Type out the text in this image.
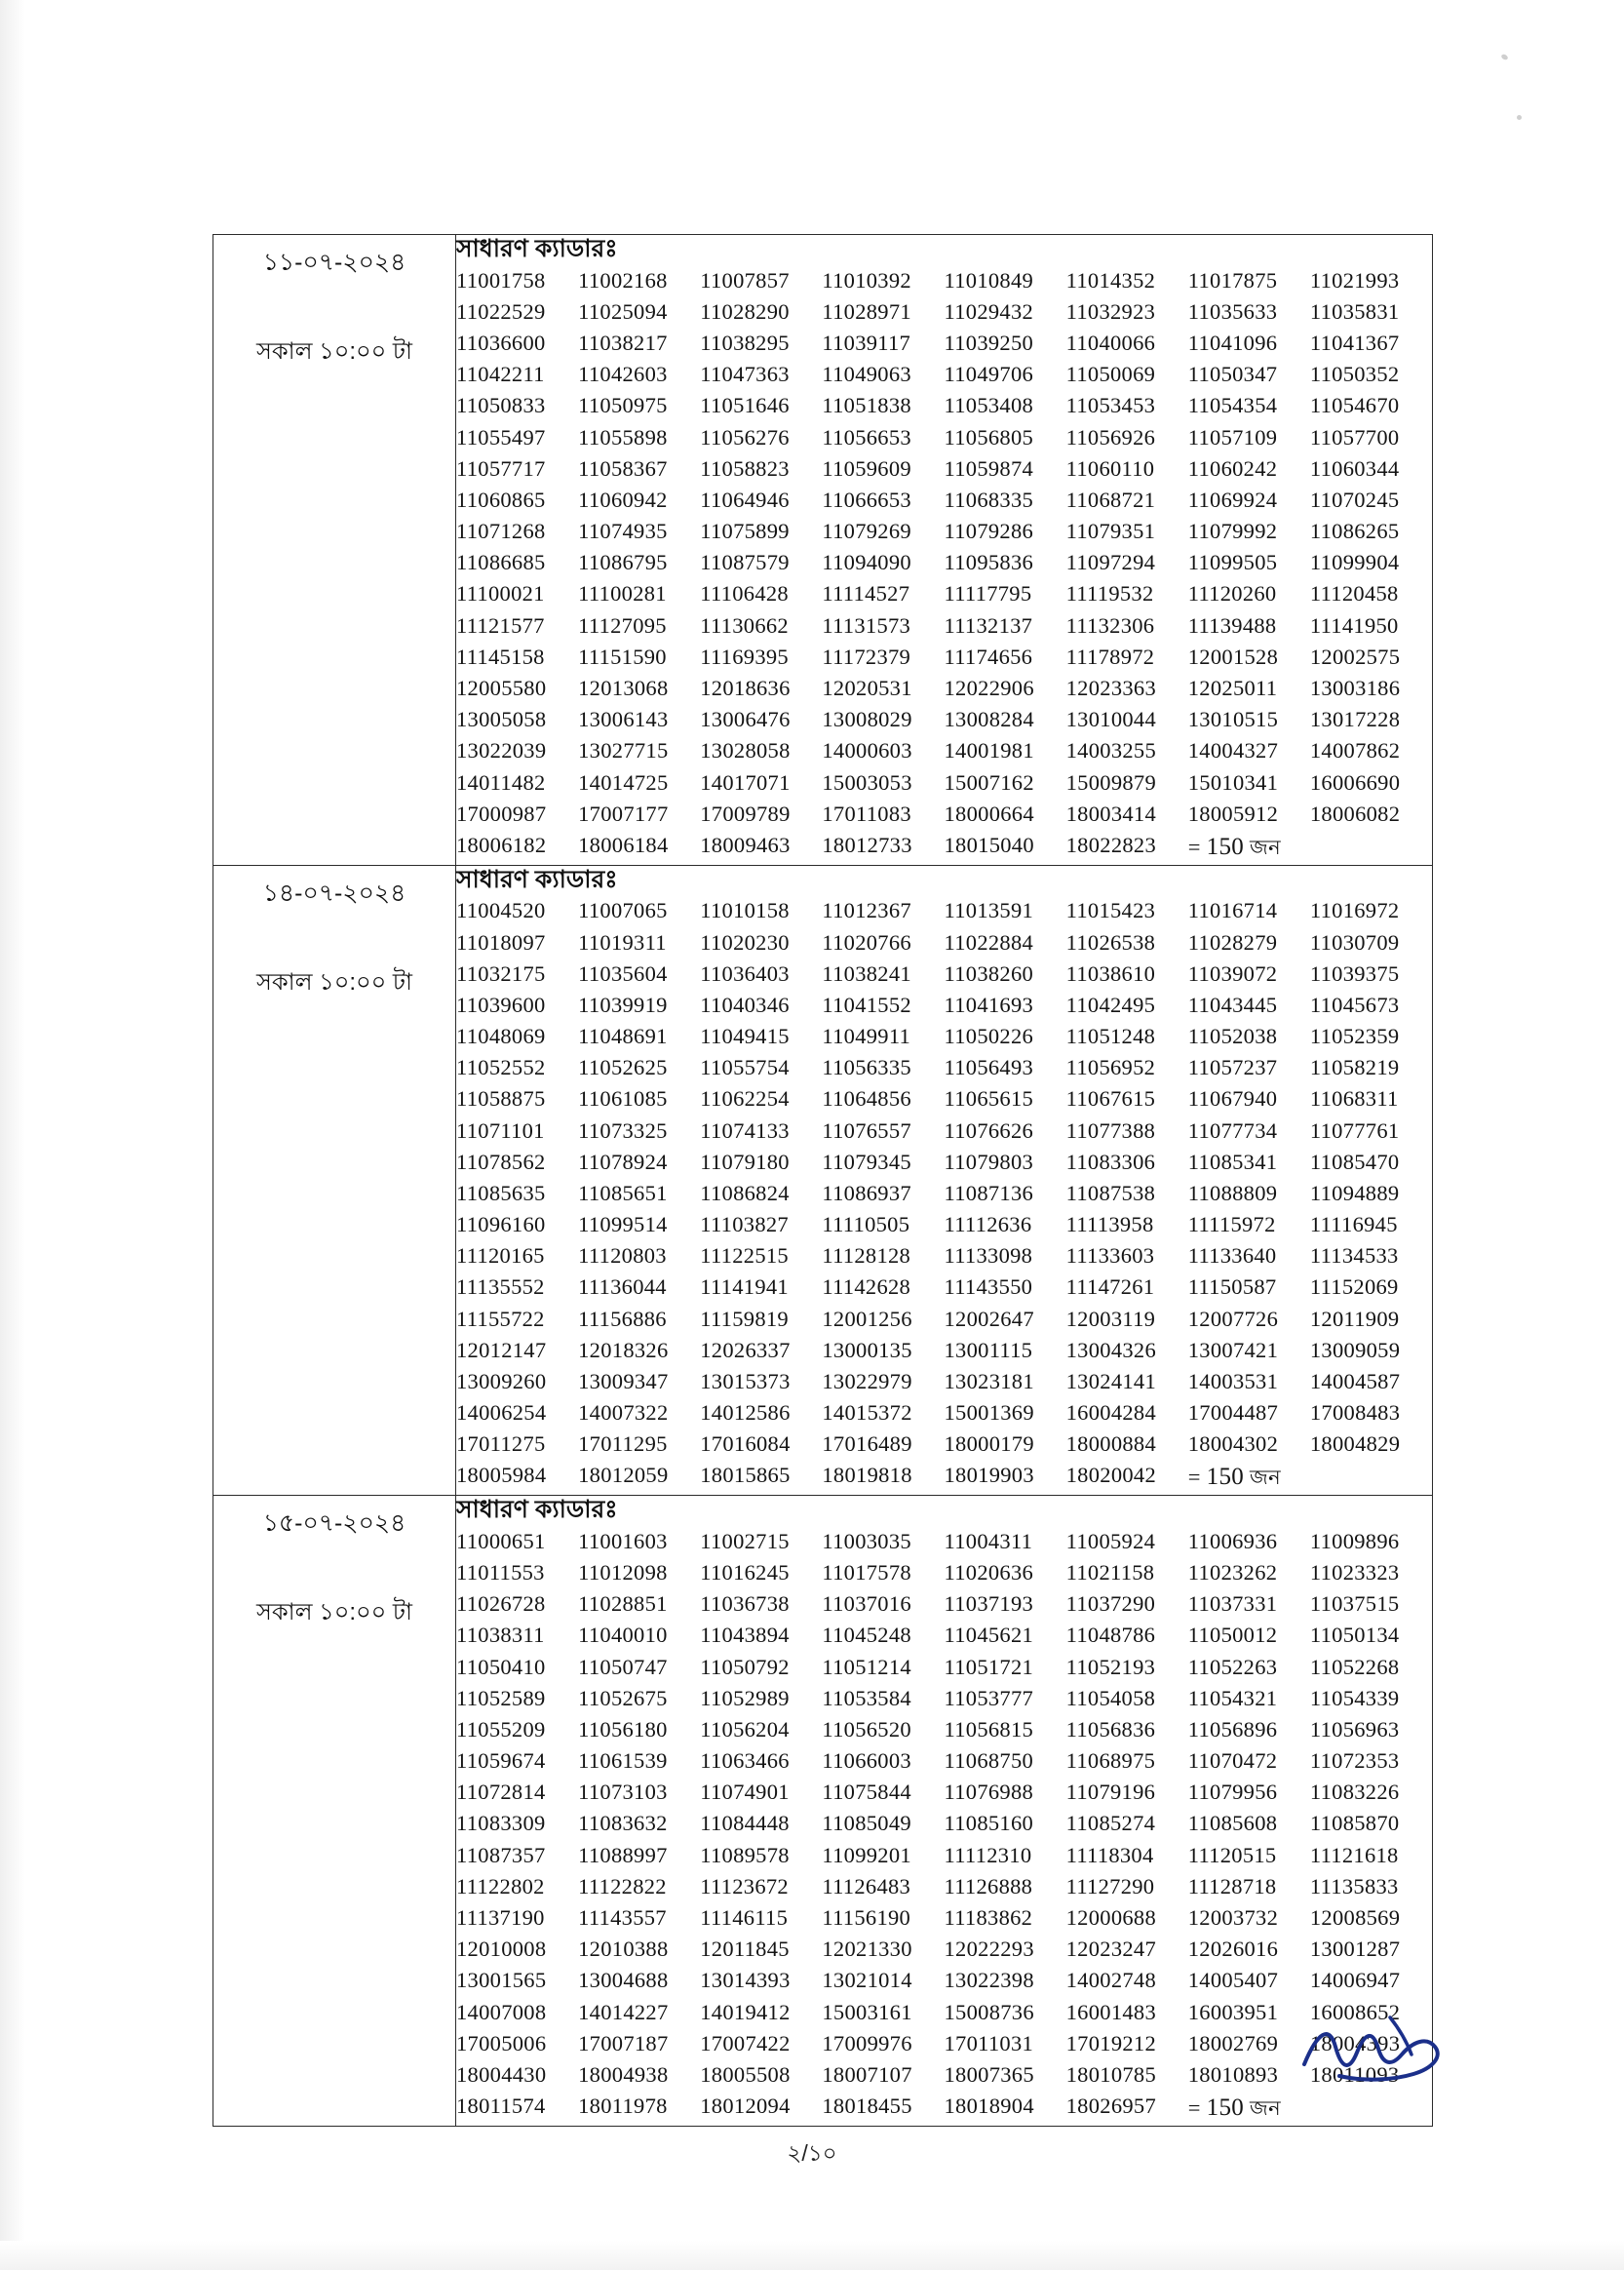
১১-০৭-২০২৪
সকাল ১০:০০ টা

সাধারণ ক্যাডারঃ
11001758	11002168	11007857	11010392	11010849	11014352	11017875	11021993
11022529	11025094	11028290	11028971	11029432	11032923	11035633	11035831
11036600	11038217	11038295	11039117	11039250	11040066	11041096	11041367
11042211	11042603	11047363	11049063	11049706	11050069	11050347	11050352
11050833	11050975	11051646	11051838	11053408	11053453	11054354	11054670
11055497	11055898	11056276	11056653	11056805	11056926	11057109	11057700
11057717	11058367	11058823	11059609	11059874	11060110	11060242	11060344
11060865	11060942	11064946	11066653	11068335	11068721	11069924	11070245
11071268	11074935	11075899	11079269	11079286	11079351	11079992	11086265
11086685	11086795	11087579	11094090	11095836	11097294	11099505	11099904
11100021	11100281	11106428	11114527	11117795	11119532	11120260	11120458
11121577	11127095	11130662	11131573	11132137	11132306	11139488	11141950
11145158	11151590	11169395	11172379	11174656	11178972	12001528	12002575
12005580	12013068	12018636	12020531	12022906	12023363	12025011	13003186
13005058	13006143	13006476	13008029	13008284	13010044	13010515	13017228
13022039	13027715	13028058	14000603	14001981	14003255	14004327	14007862
14011482	14014725	14017071	15003053	15007162	15009879	15010341	16006690
17000987	17007177	17009789	17011083	18000664	18003414	18005912	18006082
18006182	18006184	18009463	18012733	18015040	18022823	= 150 জন

১৪-০৭-২০২৪
সকাল ১০:০০ টা

সাধারণ ক্যাডারঃ
11004520	11007065	11010158	11012367	11013591	11015423	11016714	11016972
11018097	11019311	11020230	11020766	11022884	11026538	11028279	11030709
11032175	11035604	11036403	11038241	11038260	11038610	11039072	11039375
11039600	11039919	11040346	11041552	11041693	11042495	11043445	11045673
11048069	11048691	11049415	11049911	11050226	11051248	11052038	11052359
11052552	11052625	11055754	11056335	11056493	11056952	11057237	11058219
11058875	11061085	11062254	11064856	11065615	11067615	11067940	11068311
11071101	11073325	11074133	11076557	11076626	11077388	11077734	11077761
11078562	11078924	11079180	11079345	11079803	11083306	11085341	11085470
11085635	11085651	11086824	11086937	11087136	11087538	11088809	11094889
11096160	11099514	11103827	11110505	11112636	11113958	11115972	11116945
11120165	11120803	11122515	11128128	11133098	11133603	11133640	11134533
11135552	11136044	11141941	11142628	11143550	11147261	11150587	11152069
11155722	11156886	11159819	12001256	12002647	12003119	12007726	12011909
12012147	12018326	12026337	13000135	13001115	13004326	13007421	13009059
13009260	13009347	13015373	13022979	13023181	13024141	14003531	14004587
14006254	14007322	14012586	14015372	15001369	16004284	17004487	17008483
17011275	17011295	17016084	17016489	18000179	18000884	18004302	18004829
18005984	18012059	18015865	18019818	18019903	18020042	= 150 জন

১৫-০৭-২০২৪
সকাল ১০:০০ টা

সাধারণ ক্যাডারঃ
11000651	11001603	11002715	11003035	11004311	11005924	11006936	11009896
11011553	11012098	11016245	11017578	11020636	11021158	11023262	11023323
11026728	11028851	11036738	11037016	11037193	11037290	11037331	11037515
11038311	11040010	11043894	11045248	11045621	11048786	11050012	11050134
11050410	11050747	11050792	11051214	11051721	11052193	11052263	11052268
11052589	11052675	11052989	11053584	11053777	11054058	11054321	11054339
11055209	11056180	11056204	11056520	11056815	11056836	11056896	11056963
11059674	11061539	11063466	11066003	11068750	11068975	11070472	11072353
11072814	11073103	11074901	11075844	11076988	11079196	11079956	11083226
11083309	11083632	11084448	11085049	11085160	11085274	11085608	11085870
11087357	11088997	11089578	11099201	11112310	11118304	11120515	11121618
11122802	11122822	11123672	11126483	11126888	11127290	11128718	11135833
11137190	11143557	11146115	11156190	11183862	12000688	12003732	12008569
12010008	12010388	12011845	12021330	12022293	12023247	12026016	13001287
13001565	13004688	13014393	13021014	13022398	14002748	14005407	14006947
14007008	14014227	14019412	15003161	15008736	16001483	16003951	16008652
17005006	17007187	17007422	17009976	17011031	17019212	18002769	18004393
18004430	18004938	18005508	18007107	18007365	18010785	18010893	18011093
18011574	18011978	18012094	18018455	18018904	18026957	= 150 জন
২/১০
